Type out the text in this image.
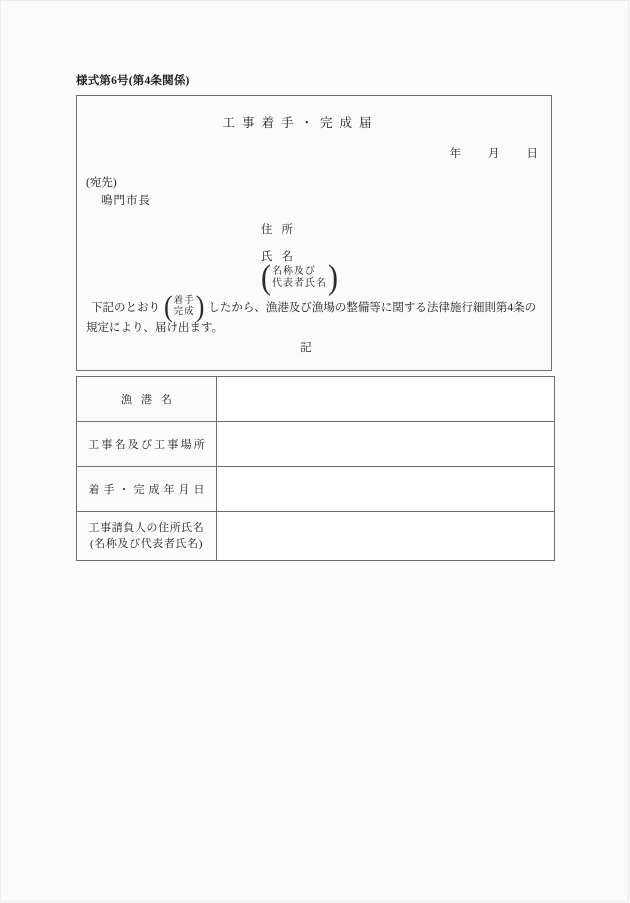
様式第6号(第4条関係)
工事着手・完成届
年 月 日
(宛先)
鳴門市長
住所
氏名
( 名称及び
代表者氏名 )
下記のとおり ( 着手
完成 ) したから、漁港及び漁場の整備等に関する法律施行細則第4条の
規定により、届け出ます。
記
漁港名	

工事名及び工事場所	

着手・完成年月日	

工事請負人の住所氏名
(名称及び代表者氏名)	
